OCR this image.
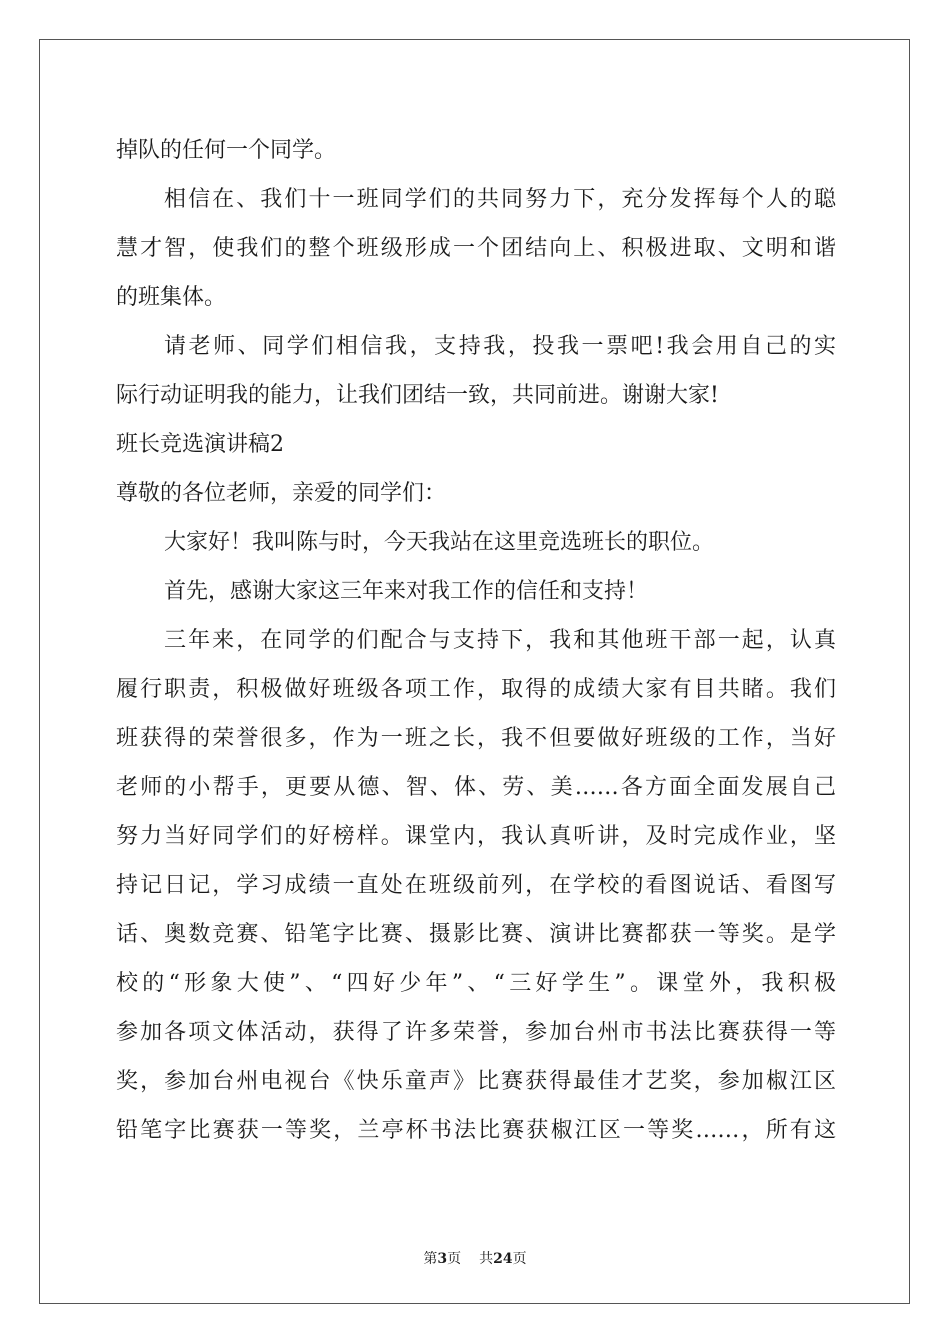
掉队的任何一个同学。
相信在、我们十一班同学们的共同努力下，充分发挥每个人的聪
慧才智，使我们的整个班级形成一个团结向上、积极进取、文明和谐
的班集体。
请老师、同学们相信我，支持我，投我一票吧!我会用自己的实
际行动证明我的能力，让我们团结一致，共同前进。谢谢大家!
班长竞选演讲稿2
尊敬的各位老师，亲爱的同学们：
大家好！我叫陈与时，今天我站在这里竞选班长的职位。
首先，感谢大家这三年来对我工作的信任和支持！
三年来，在同学的们配合与支持下，我和其他班干部一起，认真
履行职责，积极做好班级各项工作，取得的成绩大家有目共睹。我们
班获得的荣誉很多，作为一班之长，我不但要做好班级的工作，当好
老师的小帮手，更要从德、智、体、劳、美……各方面全面发展自己
努力当好同学们的好榜样。课堂内，我认真听讲，及时完成作业，坚
持记日记，学习成绩一直处在班级前列，在学校的看图说话、看图写
话、奥数竞赛、铅笔字比赛、摄影比赛、演讲比赛都获一等奖。是学
校的“形象大使”、“四好少年”、“三好学生”。课堂外，我积极
参加各项文体活动，获得了许多荣誉，参加台州市书法比赛获得一等
奖，参加台州电视台《快乐童声》比赛获得最佳才艺奖，参加椒江区
铅笔字比赛获一等奖，兰亭杯书法比赛获椒江区一等奖……，所有这
第3页 共24页
